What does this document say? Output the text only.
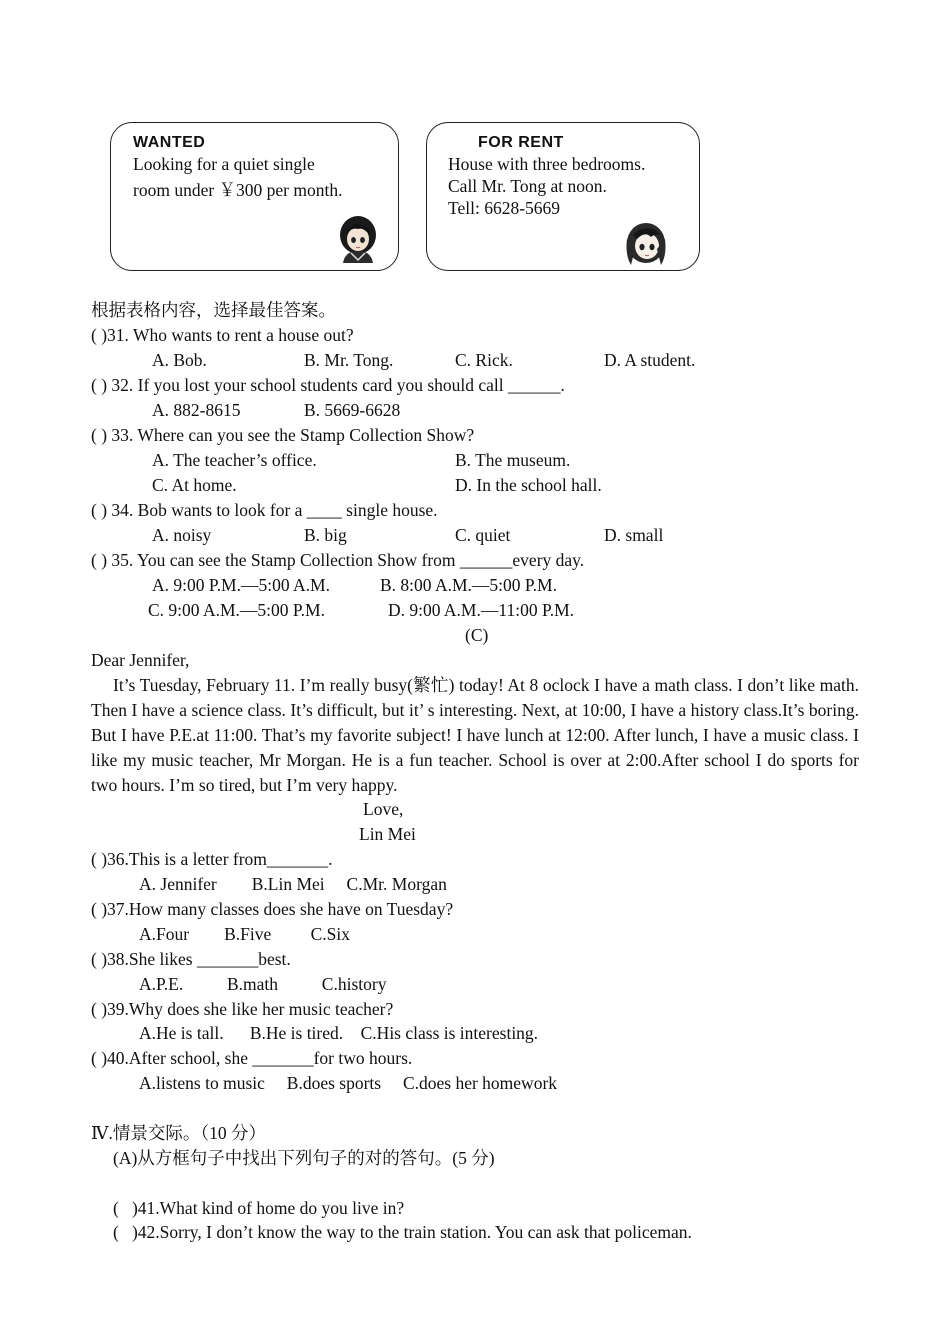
WANTED
Looking for a quiet single
room under ￥300 per month.
FOR RENT
House with three bedrooms.
Call Mr. Tong at noon.
Tell: 6628-5669
根据表格内容，选择最佳答案。
( )31. Who wants to rent a house out?
A. Bob.	B. Mr. Tong.	C. Rick.	D. A student.
( ) 32. If you lost your school students card you should call ______.
A. 882-8615	B. 5669-6628
( ) 33. Where can you see the Stamp Collection Show?
A. The teacher’s office.	B. The museum.
C. At home.	D. In the school hall.
( ) 34. Bob wants to look for a ____ single house.
A. noisy	B. big	C. quiet	D. small
( ) 35. You can see the Stamp Collection Show from ______every day.
A. 9:00 P.M.—5:00 A.M.	B. 8:00 A.M.—5:00 P.M.
C. 9:00 A.M.—5:00 P.M.	D. 9:00 A.M.—11:00 P.M.
(C)
Dear Jennifer,
It’s Tuesday, February 11. I’m really busy(繁忙) today! At 8 oclock I have a math class. I don’t like math. Then I have a science class. It’s difficult, but it’ s interesting. Next, at 10:00, I have a history class.It’s boring. But I have P.E.at 11:00. That’s my favorite subject! I have lunch at 12:00. After lunch, I have a music class. I like my music teacher, Mr Morgan. He is a fun teacher. School is over at 2:00.After school I do sports for two hours. I’m so tired, but I’m very happy.
Love,
Lin Mei
( )36.This is a letter from_______.
A. Jennifer        B.Lin Mei     C.Mr. Morgan
( )37.How many classes does she have on Tuesday?
A.Four        B.Five         C.Six
( )38.She likes _______best.
A.P.E.          B.math          C.history
( )39.Why does she like her music teacher?
A.He is tall.      B.He is tired.    C.His class is interesting.
( )40.After school, she _______for two hours.
A.listens to music     B.does sports     C.does her homework
Ⅳ.情景交际。（10 分）
(A)从方框句子中找出下列句子的对的答句。(5 分)
(   )41.What kind of home do you live in?
(   )42.Sorry, I don’t know the way to the train station. You can ask that policeman.
